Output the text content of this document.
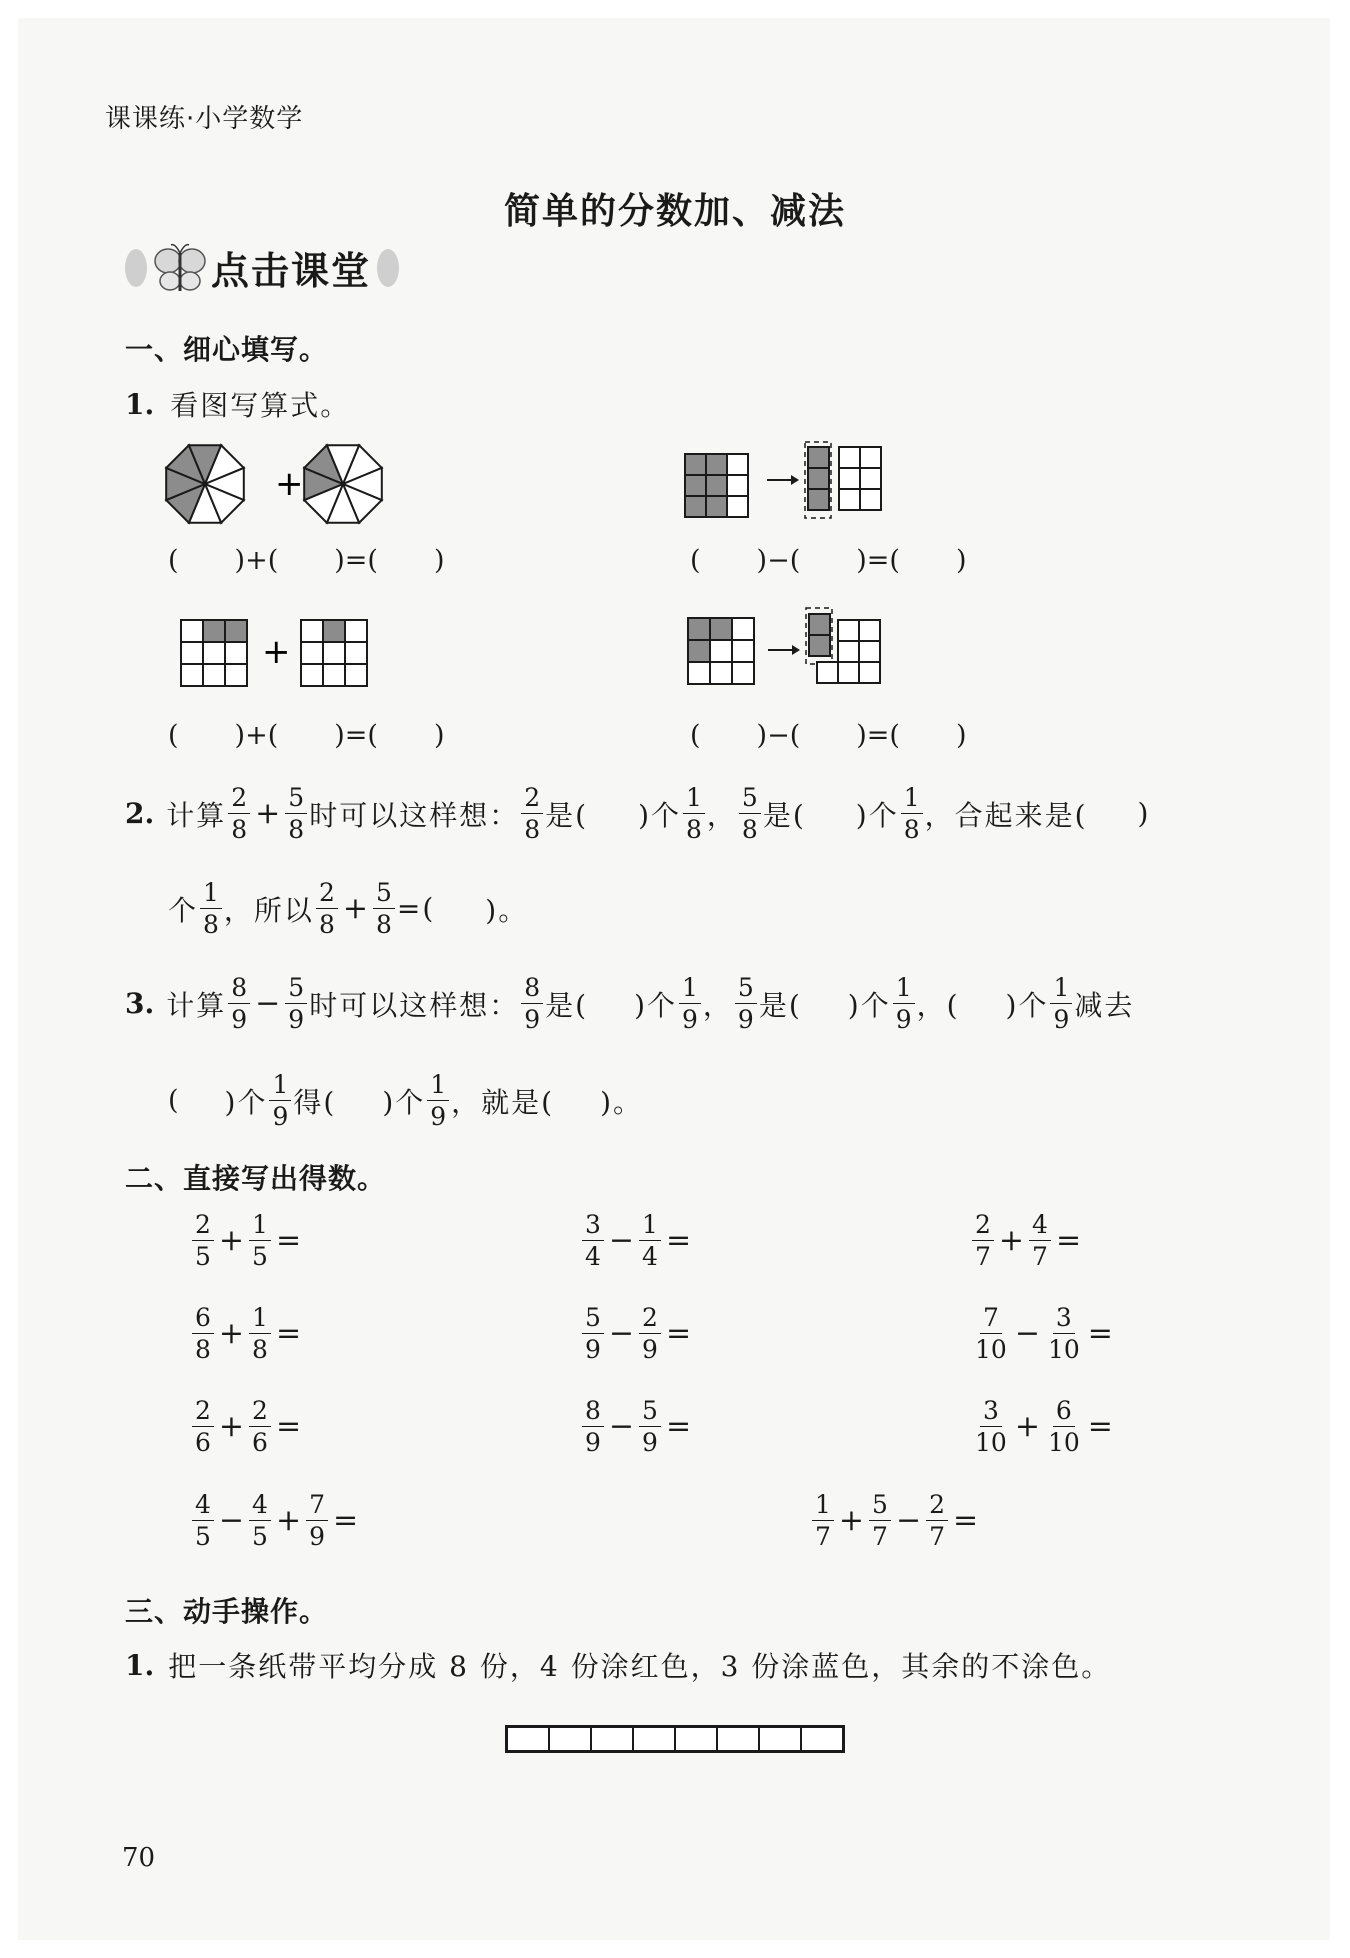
课课练·小学数学
简单的分数加、减法
点击课堂
一、细心填写。
1. 看图写算式。
+
( )+( )=( )	( )−( )=( )
+
( )+( )=( )	( )−( )=( )
2. 计算 $\frac{2}{8} + \frac{5}{8}$ 时可以这样想： $\frac{2}{8}$ 是( )个 $\frac{1}{8}$ ， $\frac{5}{8}$ 是( )个 $\frac{1}{8}$ ，合起来是( )
个 $\frac{1}{8}$ ，所以 $\frac{2}{8} + \frac{5}{8}$ =( )。
3. 计算 $\frac{8}{9} - \frac{5}{9}$ 时可以这样想： $\frac{8}{9}$ 是( )个 $\frac{1}{9}$ ， $\frac{5}{9}$ 是( )个 $\frac{1}{9}$ ，( )个 $\frac{1}{9}$ 减去
( )个 $\frac{1}{9}$ 得( )个 $\frac{1}{9}$ ，就是( )。
二、直接写出得数。
$\frac{2}{5} + \frac{1}{5}$ =	$\frac{3}{4} - \frac{1}{4}$ =	$\frac{2}{7} + \frac{4}{7}$ =
$\frac{6}{8} + \frac{1}{8}$ =	$\frac{5}{9} - \frac{2}{9}$ =	$\frac{7}{10} - \frac{3}{10}$ =
$\frac{2}{6} + \frac{2}{6}$ =	$\frac{8}{9} - \frac{5}{9}$ =	$\frac{3}{10} + \frac{6}{10}$ =
$\frac{4}{5} - \frac{4}{5} + \frac{7}{9}$ =	$\frac{1}{7} + \frac{5}{7} - \frac{2}{7}$ =
三、动手操作。
1. 把一条纸带平均分成 8 份，4 份涂红色，3 份涂蓝色，其余的不涂色。
70
